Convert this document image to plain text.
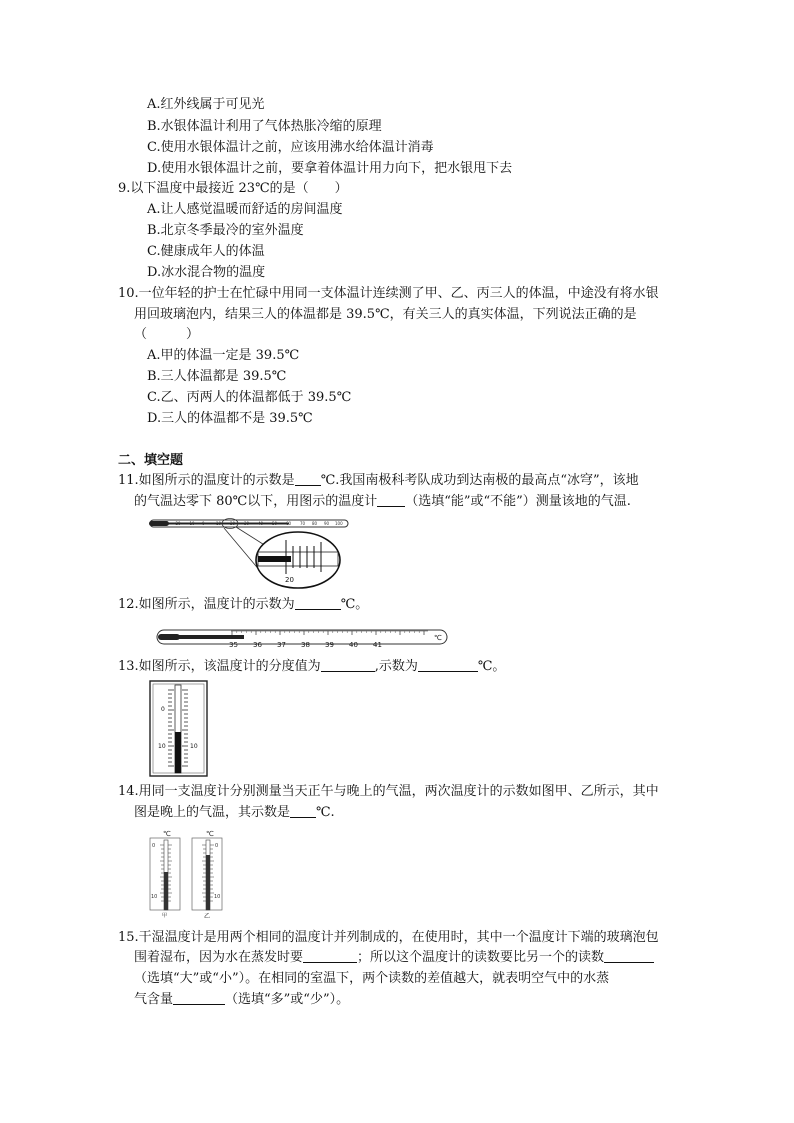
A.红外线属于可见光
B.水银体温计利用了气体热胀冷缩的原理
C.使用水银体温计之前，应该用沸水给体温计消毒
D.使用水银体温计之前，要拿着体温计用力向下，把水银甩下去
9.以下温度中最接近 23℃的是（　　）
A.让人感觉温暖而舒适的房间温度
B.北京冬季最冷的室外温度
C.健康成年人的体温
D.冰水混合物的温度
10.一位年轻的护士在忙碌中用同一支体温计连续测了甲、乙、丙三人的体温，中途没有将水银
用回玻璃泡内，结果三人的体温都是 39.5℃，有关三人的真实体温，下列说法正确的是
（　　　）
A.甲的体温一定是 39.5℃
B.三人体温都是 39.5℃
C.乙、丙两人的体温都低于 39.5℃
D.三人的体温都不是 39.5℃
二、填空题
11.如图所示的温度计的示数是 ℃.我国南极科考队成功到达南极的最高点“冰穹”，该地
的气温达零下 80℃以下，用图示的温度计 （选填“能”或“不能”）测量该地的气温.
-20 -10 0	10 20 30 40 50 60 70 80 90 100
20
12.如图所示，温度计的示数为	℃。
35 36 37 38 39 40 41
℃
13.如图所示，该温度计的分度值为	,示数为	℃。
0
10	10
14.用同一支温度计分别测量当天正午与晚上的气温，两次温度计的示数如图甲、乙所示，其中
图是晚上的气温，其示数是 ℃.
℃
0
10
甲
℃
0
10
乙
15.干湿温度计是用两个相同的温度计并列制成的，在使用时，其中一个温度计下端的玻璃泡包
围着湿布，因为水在蒸发时要	；所以这个温度计的读数要比另一个的读数
（选填“大”或“小”）。在相同的室温下，两个读数的差值越大，就表明空气中的水蒸
气含量	（选填“多”或“少”）。
